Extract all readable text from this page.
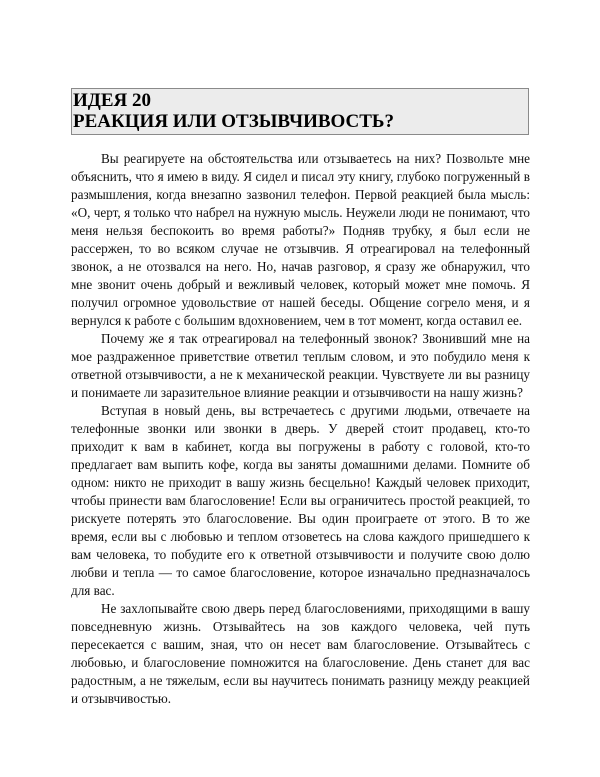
ИДЕЯ 20
РЕАКЦИЯ ИЛИ ОТЗЫВЧИВОСТЬ?

Вы реагируете на обстоятельства или отзываетесь на них? Позвольте мне объяснить, что я имею в виду. Я сидел и писал эту книгу, глубоко погруженный в размышления, когда внезапно зазвонил телефон. Первой реакцией была мысль: «О, черт, я только что набрел на нужную мысль. Неужели люди не понимают, что меня нельзя беспокоить во время работы?» Подняв трубку, я был если не рассержен, то во всяком случае не отзывчив. Я отреагировал на телефонный звонок, а не отозвался на него. Но, начав разговор, я сразу же обнаружил, что мне звонит очень добрый и вежливый человек, который может мне помочь. Я получил огромное удовольствие от нашей беседы. Общение согрело меня, и я вернулся к работе с большим вдохновением, чем в тот момент, когда оставил ее.

Почему же я так отреагировал на телефонный звонок? Звонивший мне на мое раздраженное приветствие ответил теплым словом, и это побудило меня к ответной отзывчивости, а не к механической реакции. Чувствуете ли вы разницу и понимаете ли заразительное влияние реакции и отзывчивости на нашу жизнь?

Вступая в новый день, вы встречаетесь с другими людьми, отвечаете на телефонные звонки или звонки в дверь. У дверей стоит продавец, кто-то приходит к вам в кабинет, когда вы погружены в работу с головой, кто-то предлагает вам выпить кофе, когда вы заняты домашними делами. Помните об одном: никто не приходит в вашу жизнь бесцельно! Каждый человек приходит, чтобы принести вам благословение! Если вы ограничитесь простой реакцией, то рискуете потерять это благословение. Вы один проиграете от этого. В то же время, если вы с любовью и теплом отзоветесь на слова каждого пришедшего к вам человека, то побудите его к ответной отзывчивости и получите свою долю любви и тепла — то самое благословение, которое изначально предназначалось для вас.

Не захлопывайте свою дверь перед благословениями, приходящими в вашу повседневную жизнь. Отзывайтесь на зов каждого человека, чей путь пересекается с вашим, зная, что он несет вам благословение. Отзывайтесь с любовью, и благословение помножится на благословение. День станет для вас радостным, а не тяжелым, если вы научитесь понимать разницу между реакцией и отзывчивостью.
